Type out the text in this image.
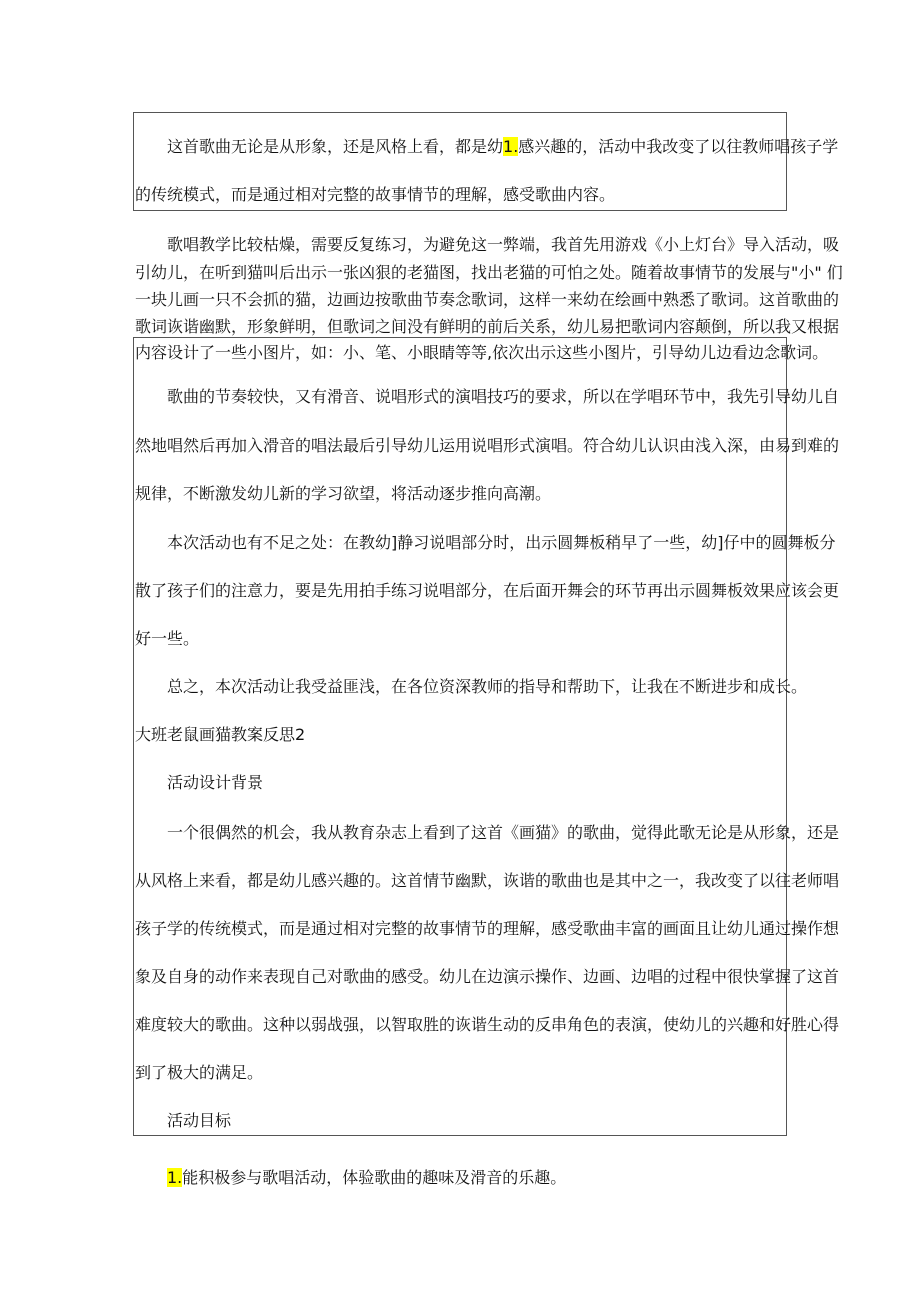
这首歌曲无论是从形象，还是风格上看，都是幼1.感兴趣的，活动中我改变了以往教师唱孩子学
的传统模式，而是通过相对完整的故事情节的理解，感受歌曲内容。
歌唱教学比较枯燥，需要反复练习，为避免这一弊端，我首先用游戏《小上灯台》导入活动，吸
引幼儿，在听到猫叫后出示一张凶狠的老猫图，找出老猫的可怕之处。随着故事情节的发展与"小" 们
一块儿画一只不会抓的猫，边画边按歌曲节奏念歌词，这样一来幼在绘画中熟悉了歌词。这首歌曲的
歌词诙谐幽默，形象鲜明，但歌词之间没有鲜明的前后关系，幼儿易把歌词内容颠倒，所以我又根据
内容设计了一些小图片，如：小、笔、小眼睛等等,依次出示这些小图片，引导幼儿边看边念歌词。
歌曲的节奏较快，又有滑音、说唱形式的演唱技巧的要求，所以在学唱环节中，我先引导幼儿自
然地唱然后再加入滑音的唱法最后引导幼儿运用说唱形式演唱。符合幼儿认识由浅入深，由易到难的
规律，不断激发幼儿新的学习欲望，将活动逐步推向高潮。
本次活动也有不足之处：在教幼]静习说唱部分时，出示圆舞板稍早了一些，幼]仔中的圆舞板分
散了孩子们的注意力，要是先用拍手练习说唱部分，在后面开舞会的环节再出示圆舞板效果应该会更
好一些。
总之，本次活动让我受益匪浅，在各位资深教师的指导和帮助下，让我在不断进步和成长。
大班老鼠画猫教案反思2
活动设计背景
一个很偶然的机会，我从教育杂志上看到了这首《画猫》的歌曲，觉得此歌无论是从形象，还是
从风格上来看，都是幼儿感兴趣的。这首情节幽默，诙谐的歌曲也是其中之一，我改变了以往老师唱
孩子学的传统模式，而是通过相对完整的故事情节的理解，感受歌曲丰富的画面且让幼儿通过操作想
象及自身的动作来表现自己对歌曲的感受。幼儿在边演示操作、边画、边唱的过程中很快掌握了这首
难度较大的歌曲。这种以弱战强，以智取胜的诙谐生动的反串角色的表演，使幼儿的兴趣和好胜心得
到了极大的满足。
活动目标
1.能积极参与歌唱活动，体验歌曲的趣味及滑音的乐趣。
